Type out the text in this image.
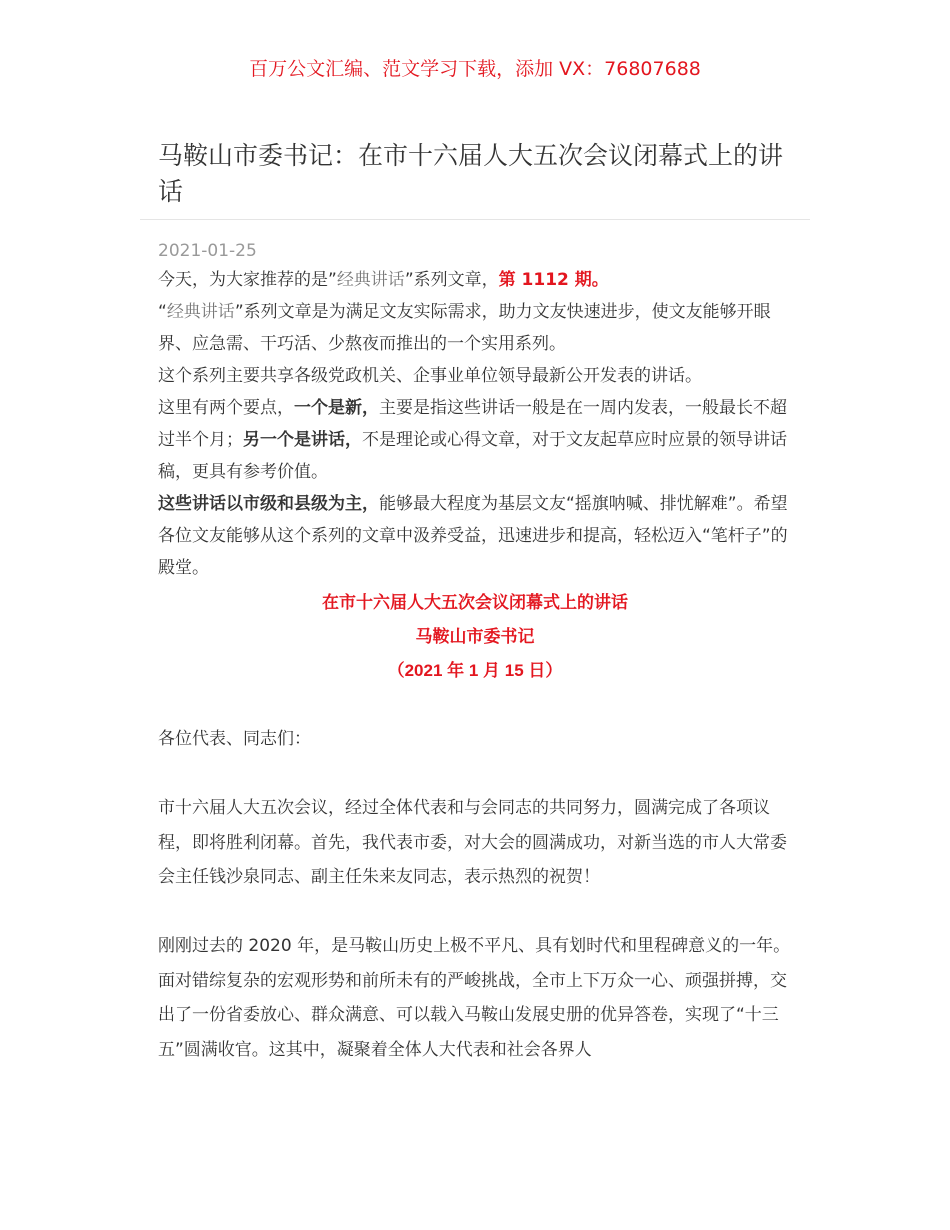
百万公文汇编、范文学习下载，添加 VX：76807688
马鞍山市委书记：在市十六届人大五次会议闭幕式上的讲话
2021-01-25

今天，为大家推荐的是”经典讲话”系列文章，第 1112 期。

“经典讲话”系列文章是为满足文友实际需求，助力文友快速进步，使文友能够开眼界、应急需、干巧活、少熬夜而推出的一个实用系列。

这个系列主要共享各级党政机关、企事业单位领导最新公开发表的讲话。

这里有两个要点，一个是新，主要是指这些讲话一般是在一周内发表，一般最长不超过半个月；另一个是讲话，不是理论或心得文章，对于文友起草应时应景的领导讲话稿，更具有参考价值。

这些讲话以市级和县级为主，能够最大程度为基层文友“摇旗呐喊、排忧解难”。希望各位文友能够从这个系列的文章中汲养受益，迅速进步和提高，轻松迈入“笔杆子”的殿堂。

在市十六届人大五次会议闭幕式上的讲话
马鞍山市委书记
（2021 年 1 月 15 日）

各位代表、同志们：

市十六届人大五次会议，经过全体代表和与会同志的共同努力，圆满完成了各项议程，即将胜利闭幕。首先，我代表市委，对大会的圆满成功，对新当选的市人大常委会主任钱沙泉同志、副主任朱来友同志，表示热烈的祝贺！

刚刚过去的 2020 年，是马鞍山历史上极不平凡、具有划时代和里程碑意义的一年。面对错综复杂的宏观形势和前所未有的严峻挑战，全市上下万众一心、顽强拼搏，交出了一份省委放心、群众满意、可以载入马鞍山发展史册的优异答卷，实现了“十三五”圆满收官。这其中，凝聚着全体人大代表和社会各界人
